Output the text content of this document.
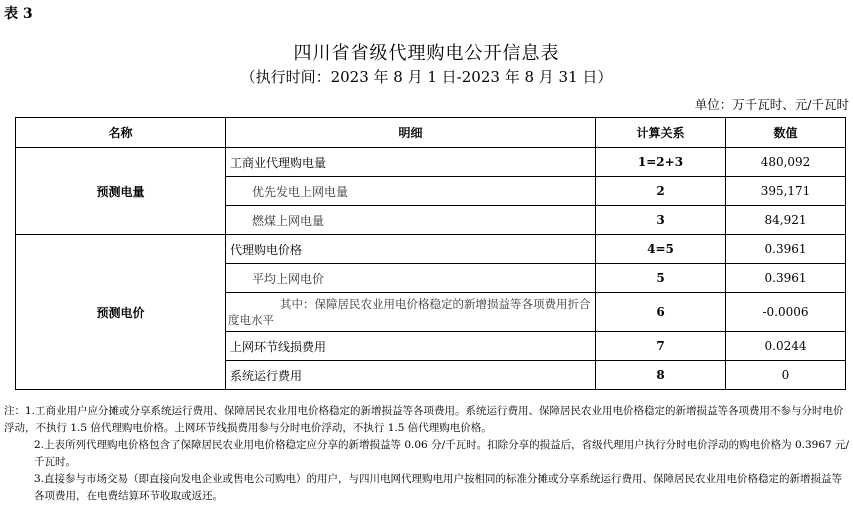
表 3
四川省省级代理购电公开信息表
（执行时间：2023 年 8 月 1 日-2023 年 8 月 31 日）
单位：万千瓦时、元/千瓦时
名称	明细	计算关系	数值
预测电量	工商业代理购电量	1=2+3	480,092
	优先发电上网电量	2	395,171
	燃煤上网电量	3	84,921
预测电价	代理购电价格	4=5	0.3961
	平均上网电价	5	0.3961
	其中：保障居民农业用电价格稳定的新增损益等各项费用折合度电水平	6	-0.0006
	上网环节线损费用	7	0.0244
	系统运行费用	8	0

注：1.工商业用户应分摊或分享系统运行费用、保障居民农业用电价格稳定的新增损益等各项费用。系统运行费用、保障居民农业用电价格稳定的新增损益等各项费用不参与分时电价浮动，不执行 1.5 倍代理购电价格。上网环节线损费用参与分时电价浮动，不执行 1.5 倍代理购电价格。

2.上表所列代理购电价格包含了保障居民农业用电价格稳定应分享的新增损益等 0.06 分/千瓦时。扣除分享的损益后，省级代理用户执行分时电价浮动的购电价格为 0.3967 元/千瓦时。

3.直接参与市场交易（即直接向发电企业或售电公司购电）的用户，与四川电网代理购电用户按相同的标准分摊或分享系统运行费用、保障居民农业用电价格稳定的新增损益等各项费用，在电费结算环节收取或返还。
